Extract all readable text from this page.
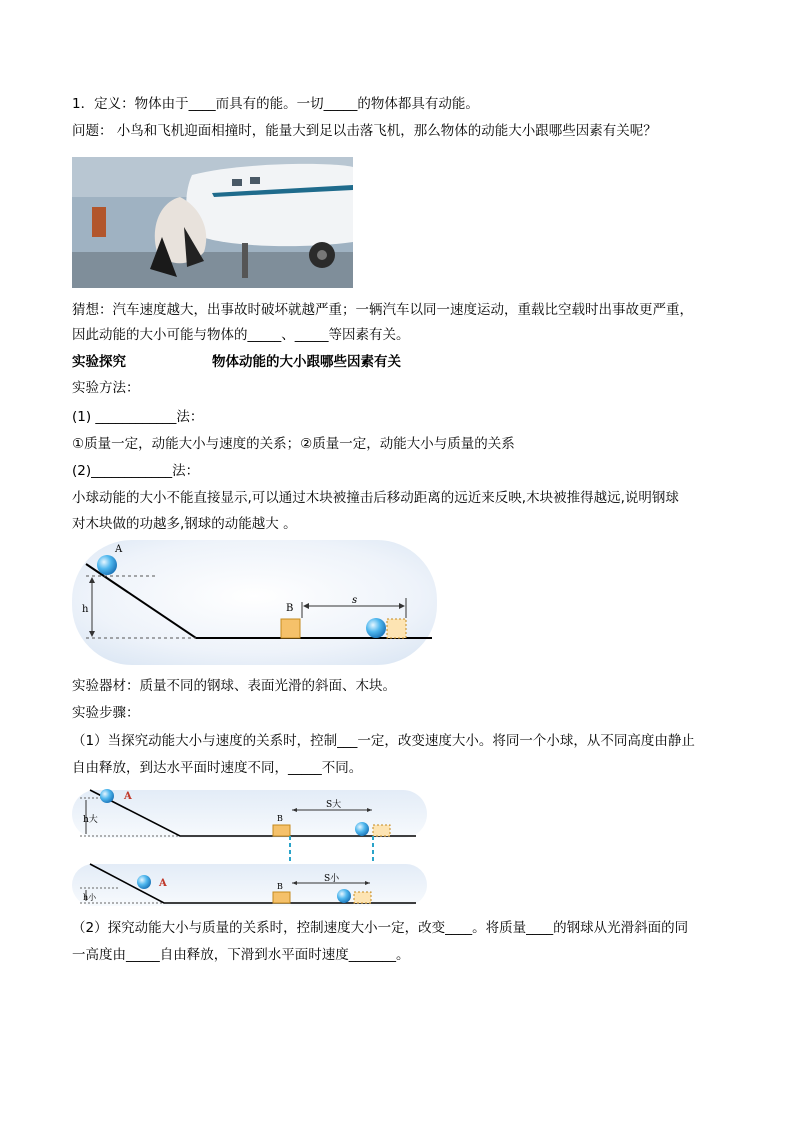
1．定义：物体由于____而具有的能。一切_____的物体都具有动能。
问题： 小鸟和飞机迎面相撞时，能量大到足以击落飞机，那么物体的动能大小跟哪些因素有关呢？
猜想：汽车速度越大，出事故时破坏就越严重；一辆汽车以同一速度运动，重载比空载时出事故更严重，
因此动能的大小可能与物体的_____、_____等因素有关。
实验探究	物体动能的大小跟哪些因素有关
实验方法：
(1) ____________法：
①质量一定，动能大小与速度的关系；②质量一定，动能大小与质量的关系
(2)____________法：
小球动能的大小不能直接显示,可以通过木块被撞击后移动距离的远近来反映,木块被推得越远,说明钢球
对木块做的功越多,钢球的动能越大 。
h
A
B
s
实验器材：质量不同的钢球、表面光滑的斜面、木块。
实验步骤：
（1）当探究动能大小与速度的关系时，控制___一定，改变速度大小。将同一个小球，从不同高度由静止
自由释放，到达水平面时速度不同，_____不同。
h大
A
B
S大
h小
A	B
S小
（2）探究动能大小与质量的关系时，控制速度大小一定，改变____。将质量____的钢球从光滑斜面的同
一高度由_____自由释放，下滑到水平面时速度_______。
